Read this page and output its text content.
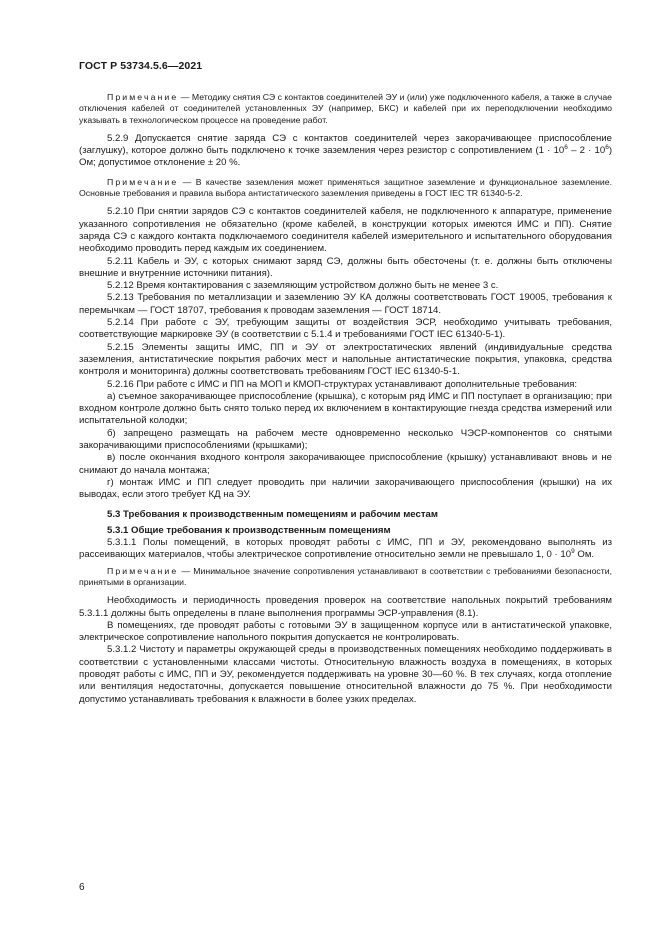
ГОСТ Р 53734.5.6—2021

Примечание — Методику снятия СЭ с контактов соединителей ЭУ и (или) уже подключенного кабеля, а также в случае отключения кабелей от соединителей установленных ЭУ (например, БКС) и кабелей при их переподключении необходимо указывать в технологическом процессе на проведение работ.

5.2.9 Допускается снятие заряда СЭ с контактов соединителей через закорачивающее приспособление (заглушку), которое должно быть подключено к точке заземления через резистор с сопротивлением $(1 \cdot 10^6 - 2 \cdot 10^6)$ Ом; допустимое отклонение ± 20 %.

Примечание — В качестве заземления может применяться защитное заземление и функциональное заземление. Основные требования и правила выбора антистатического заземления приведены в ГОСТ IEC TR 61340-5-2.

5.2.10 При снятии зарядов СЭ с контактов соединителей кабеля, не подключенного к аппаратуре, применение указанного сопротивления не обязательно (кроме кабелей, в конструкции которых имеются ИМС и ПП). Снятие заряда СЭ с каждого контакта подключаемого соединителя кабелей измерительного и испытательного оборудования необходимо проводить перед каждым их соединением.

5.2.11 Кабель и ЭУ, с которых снимают заряд СЭ, должны быть обесточены (т. е. должны быть отключены внешние и внутренние источники питания).

5.2.12 Время контактирования с заземляющим устройством должно быть не менее 3 с.

5.2.13 Требования по металлизации и заземлению ЭУ КА должны соответствовать ГОСТ 19005, требования к перемычкам — ГОСТ 18707, требования к проводам заземления — ГОСТ 18714.

5.2.14 При работе с ЭУ, требующим защиты от воздействия ЭСР, необходимо учитывать требования, соответствующие маркировке ЭУ (в соответствии с 5.1.4 и требованиями ГОСТ IEC 61340-5-1).

5.2.15 Элементы защиты ИМС, ПП и ЭУ от электростатических явлений (индивидуальные средства заземления, антистатические покрытия рабочих мест и напольные антистатические покрытия, упаковка, средства контроля и мониторинга) должны соответствовать требованиям ГОСТ IEC 61340-5-1.

5.2.16 При работе с ИМС и ПП на МОП и КМОП-структурах устанавливают дополнительные требования:

а) съемное закорачивающее приспособление (крышка), с которым ряд ИМС и ПП поступает в организацию; при входном контроле должно быть снято только перед их включением в контактирующие гнезда средства измерений или испытательной колодки;

б) запрещено размещать на рабочем месте одновременно несколько ЧЭСР-компонентов со снятыми закорачивающими приспособлениями (крышками);

в) после окончания входного контроля закорачивающее приспособление (крышку) устанавливают вновь и не снимают до начала монтажа;

г) монтаж ИМС и ПП следует проводить при наличии закорачивающего приспособления (крышки) на их выводах, если этого требует КД на ЭУ.

5.3 Требования к производственным помещениям и рабочим местам

5.3.1 Общие требования к производственным помещениям

5.3.1.1 Полы помещений, в которых проводят работы с ИМС, ПП и ЭУ, рекомендовано выполнять из рассеивающих материалов, чтобы электрическое сопротивление относительно земли не превышало 1, $0 \cdot 10^9$ Ом.

Примечание — Минимальное значение сопротивления устанавливают в соответствии с требованиями безопасности, принятыми в организации.

Необходимость и периодичность проведения проверок на соответствие напольных покрытий требованиям 5.3.1.1 должны быть определены в плане выполнения программы ЭСР-управления (8.1).

В помещениях, где проводят работы с готовыми ЭУ в защищенном корпусе или в антистатической упаковке, электрическое сопротивление напольного покрытия допускается не контролировать.

5.3.1.2 Чистоту и параметры окружающей среды в производственных помещениях необходимо поддерживать в соответствии с установленными классами чистоты. Относительную влажность воздуха в помещениях, в которых проводят работы с ИМС, ПП и ЭУ, рекомендуется поддерживать на уровне 30—60 %. В тех случаях, когда отопление или вентиляция недостаточны, допускается повышение относительной влажности до 75 %. При необходимости допустимо устанавливать требования к влажности в более узких пределах.

6
